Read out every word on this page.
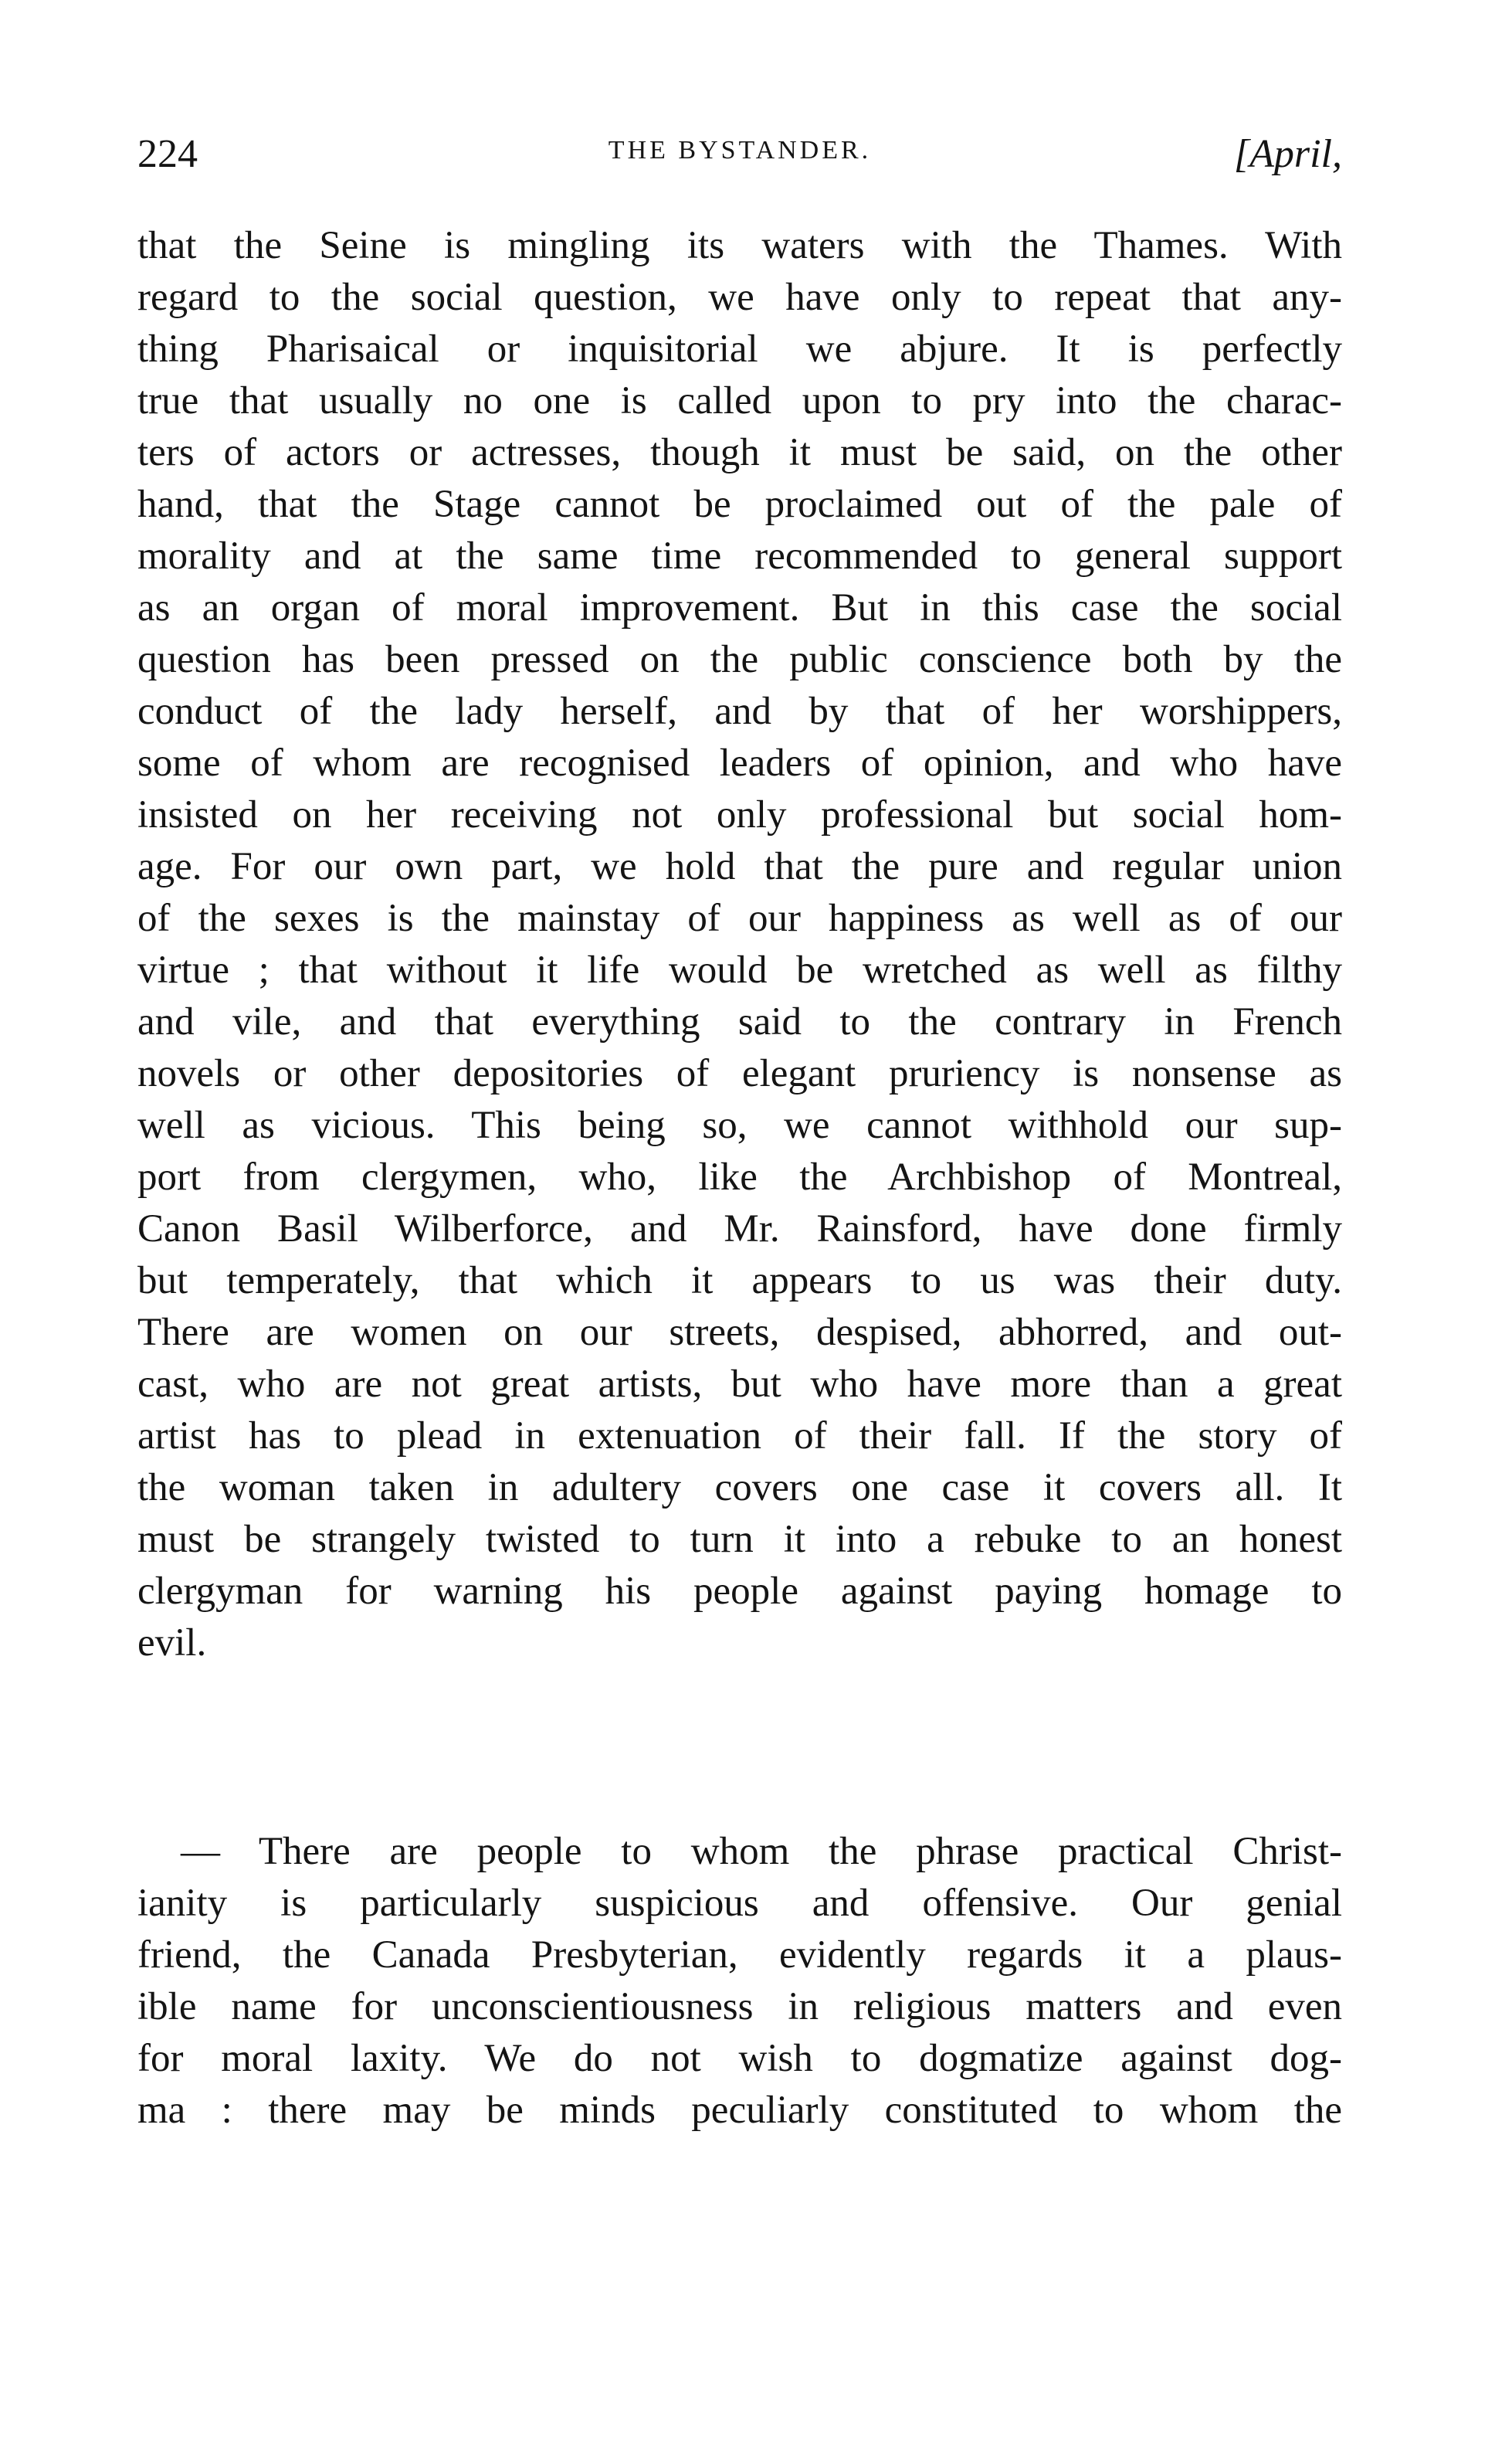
224	THE BYSTANDER.	[April,
that the Seine is mingling its waters with the Thames. With
regard to the social question, we have only to repeat that any-
thing Pharisaical or inquisitorial we abjure. It is perfectly
true that usually no one is called upon to pry into the charac-
ters of actors or actresses, though it must be said, on the other
hand, that the Stage cannot be proclaimed out of the pale of
morality and at the same time recommended to general support
as an organ of moral improvement. But in this case the social
question has been pressed on the public conscience both by the
conduct of the lady herself, and by that of her worshippers,
some of whom are recognised leaders of opinion, and who have
insisted on her receiving not only professional but social hom-
age. For our own part, we hold that the pure and regular union
of the sexes is the mainstay of our happiness as well as of our
virtue ; that without it life would be wretched as well as filthy
and vile, and that everything said to the contrary in French
novels or other depositories of elegant pruriency is nonsense as
well as vicious. This being so, we cannot withhold our sup-
port from clergymen, who, like the Archbishop of Montreal,
Canon Basil Wilberforce, and Mr. Rainsford, have done firmly
but temperately, that which it appears to us was their duty.
There are women on our streets, despised, abhorred, and out-
cast, who are not great artists, but who have more than a great
artist has to plead in extenuation of their fall. If the story of
the woman taken in adultery covers one case it covers all. It
must be strangely twisted to turn it into a rebuke to an honest
clergyman for warning his people against paying homage to
evil.
— There are people to whom the phrase practical Christ-
ianity is particularly suspicious and offensive. Our genial
friend, the Canada Presbyterian, evidently regards it a plaus-
ible name for unconscientiousness in religious matters and even
for moral laxity. We do not wish to dogmatize against dog-
ma : there may be minds peculiarly constituted to whom the
